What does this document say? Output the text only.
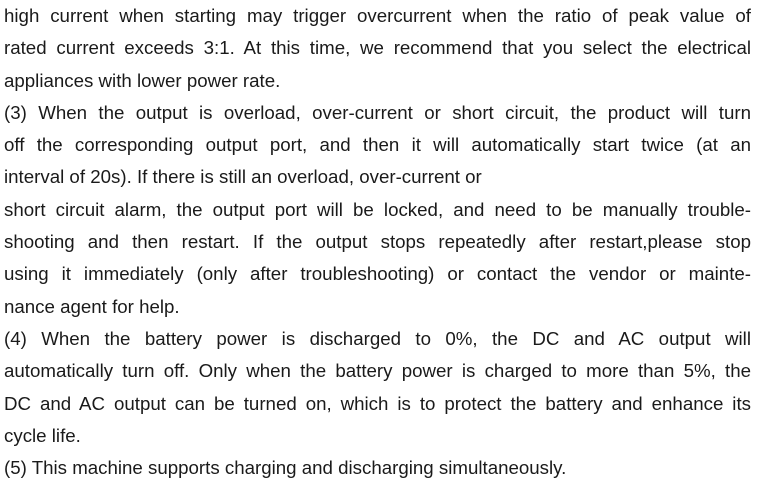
high current when starting may trigger overcurrent when the ratio of peak value of
rated current exceeds 3:1. At this time, we recommend that you select the electrical
appliances with lower power rate.
(3) When the output is overload, over-current or short circuit, the product will turn
off the corresponding output port, and then it will automatically start twice (at an
interval of 20s). If there is still an overload, over-current or
short circuit alarm, the output port will be locked, and need to be manually trouble-
shooting and then restart. If the output stops repeatedly after restart,please stop
using it immediately (only after troubleshooting) or contact the vendor or mainte-
nance agent for help.
(4) When the battery power is discharged to 0%, the DC and AC output will
automatically turn off. Only when the battery power is charged to more than 5%, the
DC and AC output can be turned on, which is to protect the battery and enhance its
cycle life.
(5) This machine supports charging and discharging simultaneously.
